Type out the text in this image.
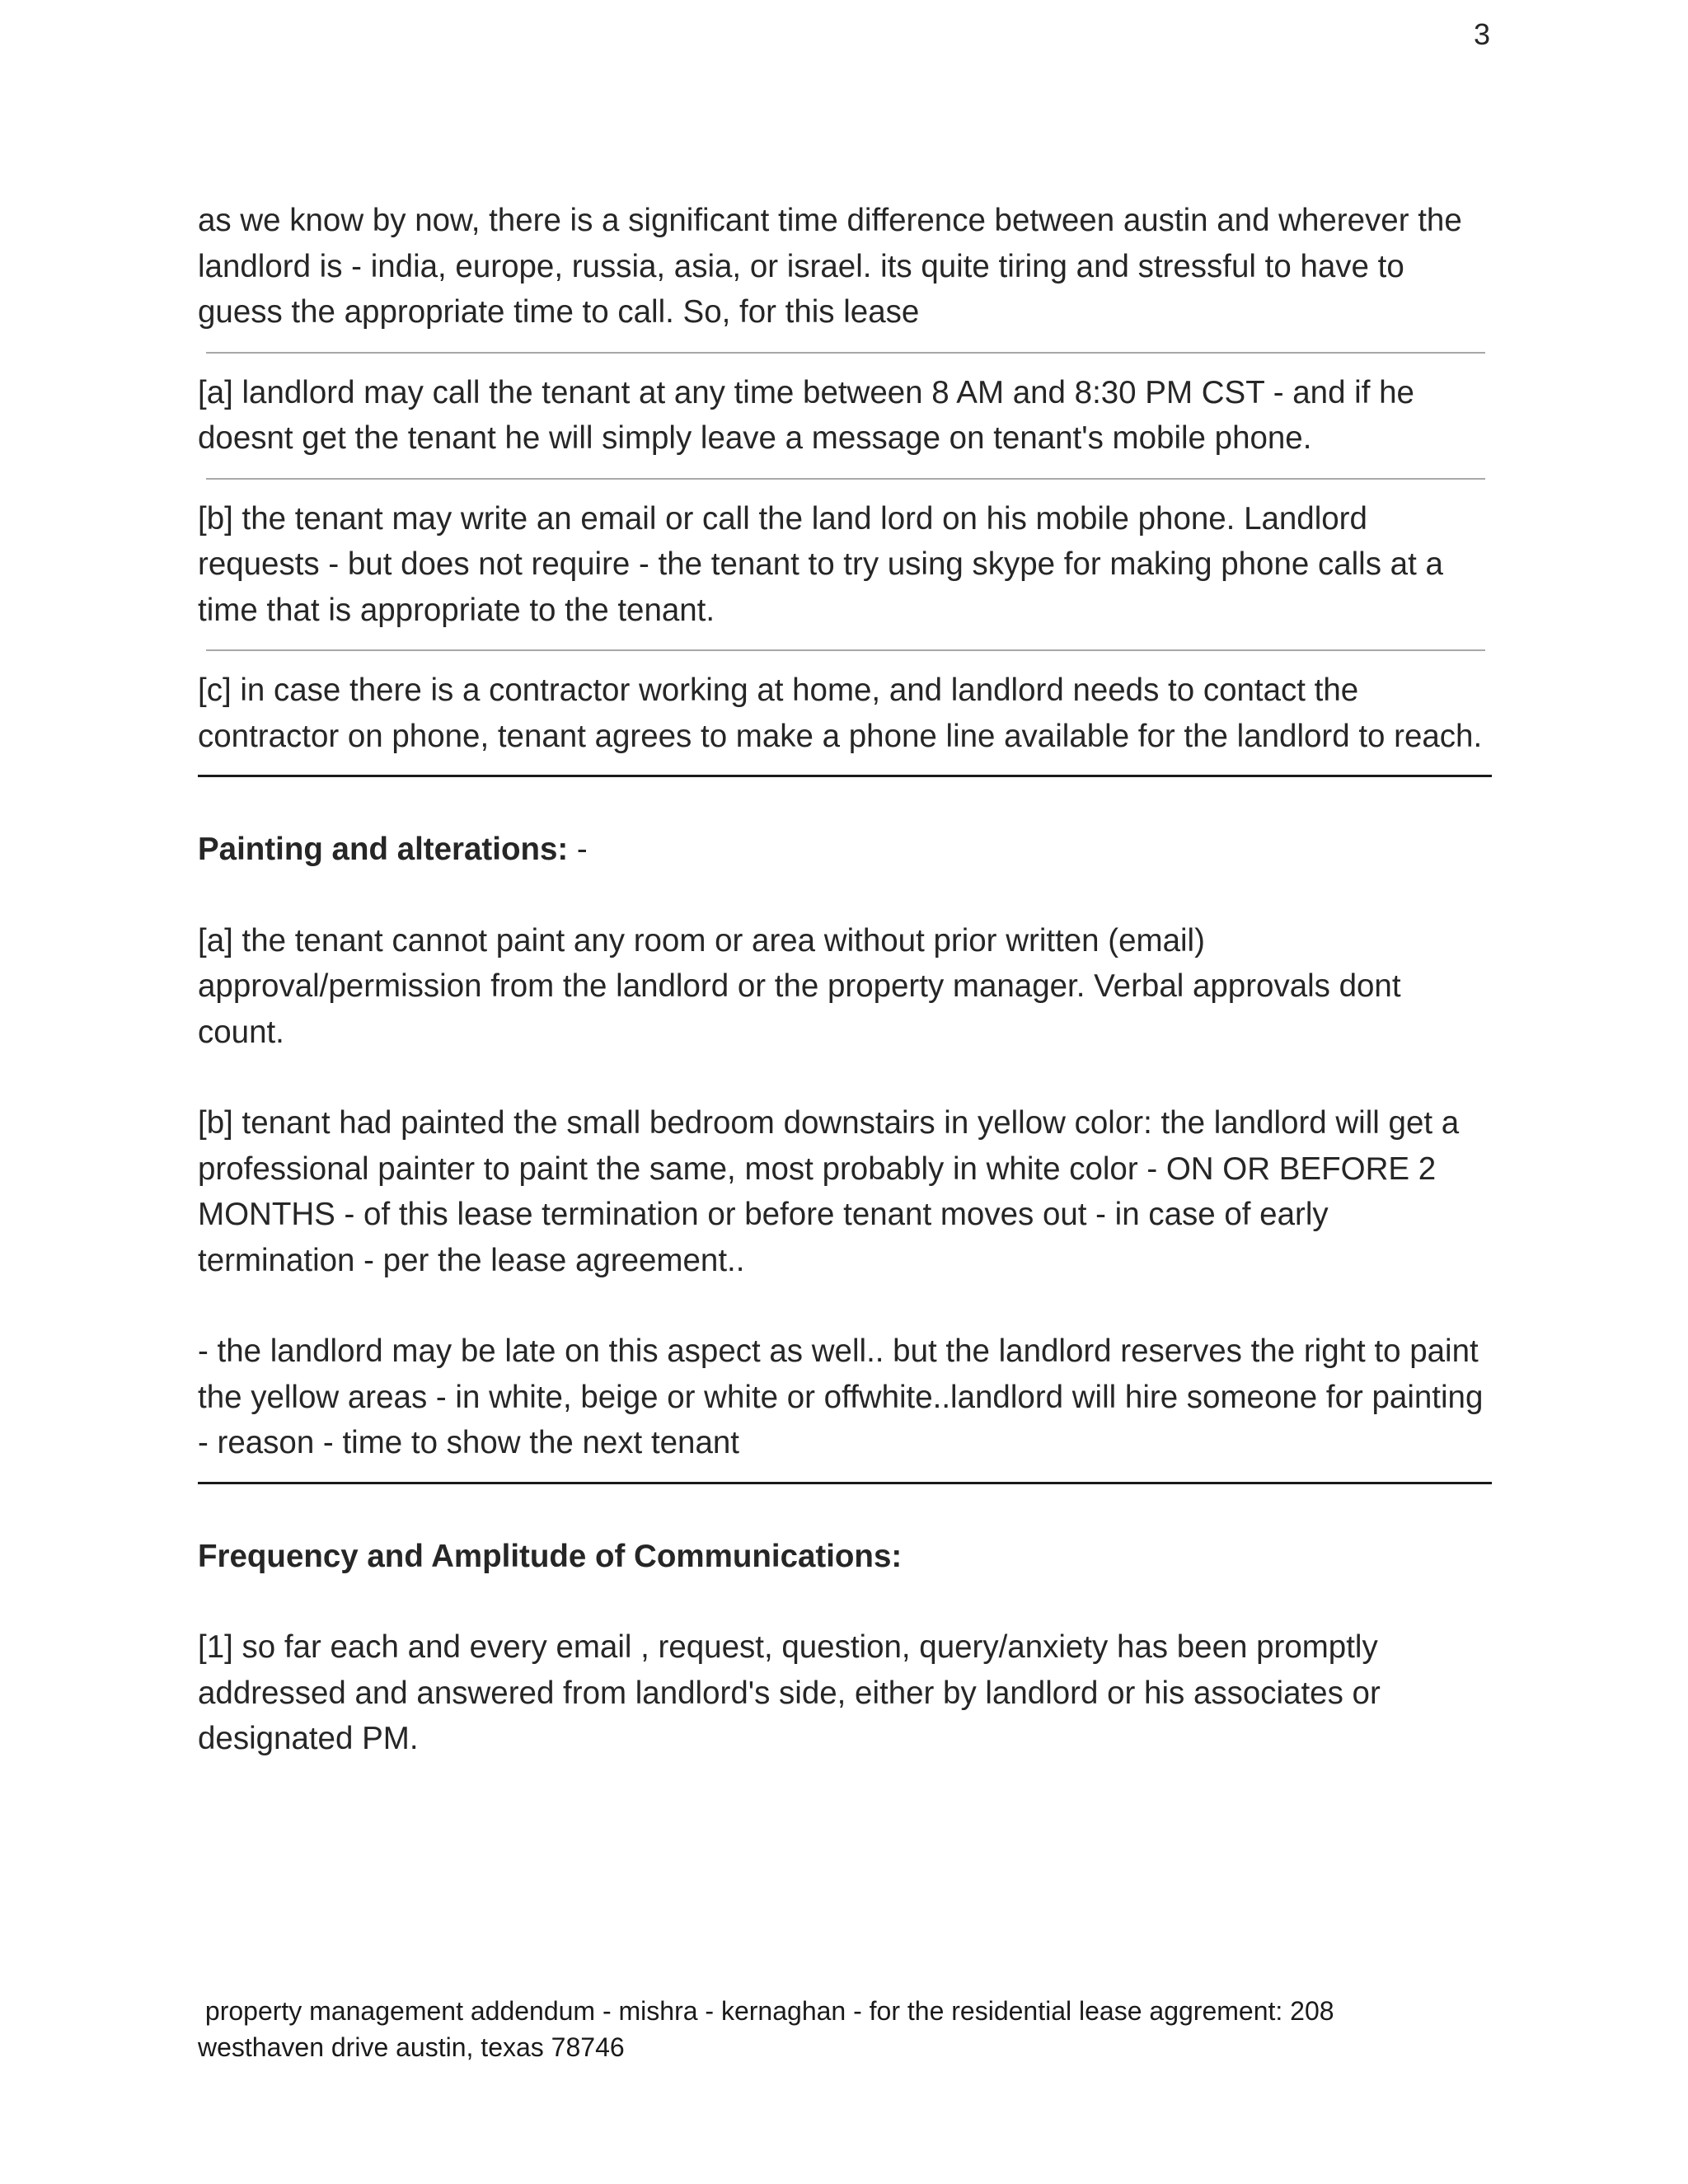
3

as we know by now, there is a significant time difference between austin and wherever the landlord is - india, europe, russia, asia, or israel. its quite tiring and stressful to have to guess the appropriate time to call. So, for this lease

[a] landlord may call the tenant at any time between 8 AM and 8:30 PM CST - and if he doesnt get the tenant he will simply leave a message on tenant's mobile phone.

[b] the tenant may write an email or call the land lord on his mobile phone. Landlord requests - but does not require - the tenant to try using skype for making phone calls at a time that is appropriate to the tenant.

[c] in case there is a contractor working at home, and landlord needs to contact the contractor on phone, tenant agrees to make a phone line available for the landlord to reach.

Painting and alterations: -

[a] the tenant cannot paint any room or area without prior written (email) approval/permission from the landlord or the property manager. Verbal approvals dont count.

[b] tenant had painted the small bedroom downstairs in yellow color: the landlord will get a professional painter to paint the same, most probably in white color - ON OR BEFORE 2 MONTHS - of this lease termination or before tenant moves out - in case of early termination - per the lease agreement..

- the landlord may be late on this aspect as well.. but the landlord reserves the right to paint the yellow areas - in white, beige or white or offwhite..landlord will hire someone for painting - reason - time to show the next tenant

Frequency and Amplitude of Communications:

[1] so far each and every email , request, question, query/anxiety has been promptly addressed and answered from landlord's side, either by landlord or his associates or designated PM.

property management addendum - mishra - kernaghan - for the residential lease aggrement: 208
westhaven drive austin, texas 78746
